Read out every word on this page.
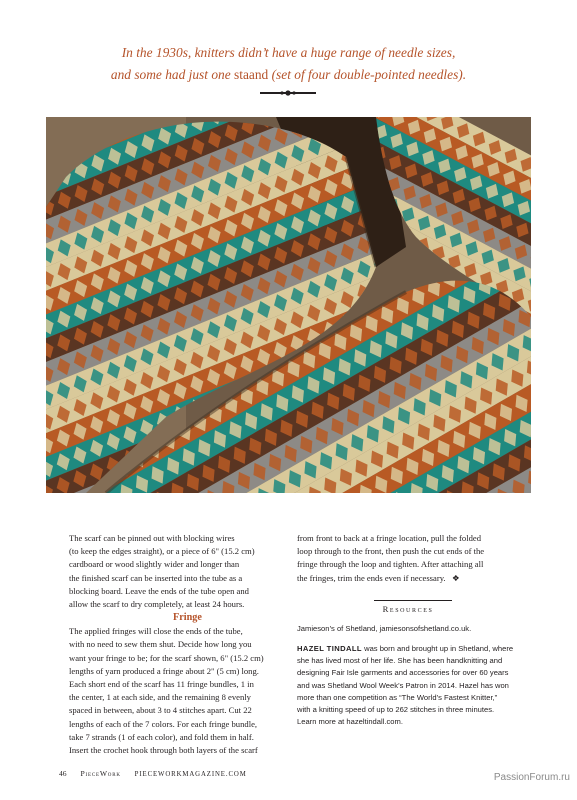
In the 1930s, knitters didn’t have a huge range of needle sizes,
and some had just one staand (set of four double-pointed needles).

The scarf can be pinned out with blocking wires
(to keep the edges straight), or a piece of 6" (15.2 cm)
cardboard or wood slightly wider and longer than
the finished scarf can be inserted into the tube as a
blocking board. Leave the ends of the tube open and
allow the scarf to dry completely, at least 24 hours.

Fringe

The applied fringes will close the ends of the tube,
with no need to sew them shut. Decide how long you
want your fringe to be; for the scarf shown, 6" (15.2 cm)
lengths of yarn produced a fringe about 2" (5 cm) long.
Each short end of the scarf has 11 fringe bundles, 1 in
the center, 1 at each side, and the remaining 8 evenly
spaced in between, about 3 to 4 stitches apart. Cut 22
lengths of each of the 7 colors. For each fringe bundle,
take 7 strands (1 of each color), and fold them in half.
Insert the crochet hook through both layers of the scarf

from front to back at a fringe location, pull the folded
loop through to the front, then push the cut ends of the
fringe through the loop and tighten. After attaching all
the fringes, trim the ends even if necessary. ❖
Resources
Jamieson’s of Shetland, jamiesonsofshetland.co.uk.
HAZEL TINDALL was born and brought up in Shetland, where
she has lived most of her life. She has been handknitting and
designing Fair Isle garments and accessories for over 60 years
and was Shetland Wool Week’s Patron in 2014. Hazel has won
more than one competition as “The World’s Fastest Knitter,”
with a knitting speed of up to 262 stitches in three minutes.
Learn more at hazeltindall.com.
46 PieceWork PIECEWORKMAGAZINE.COM	PassionForum.ru
